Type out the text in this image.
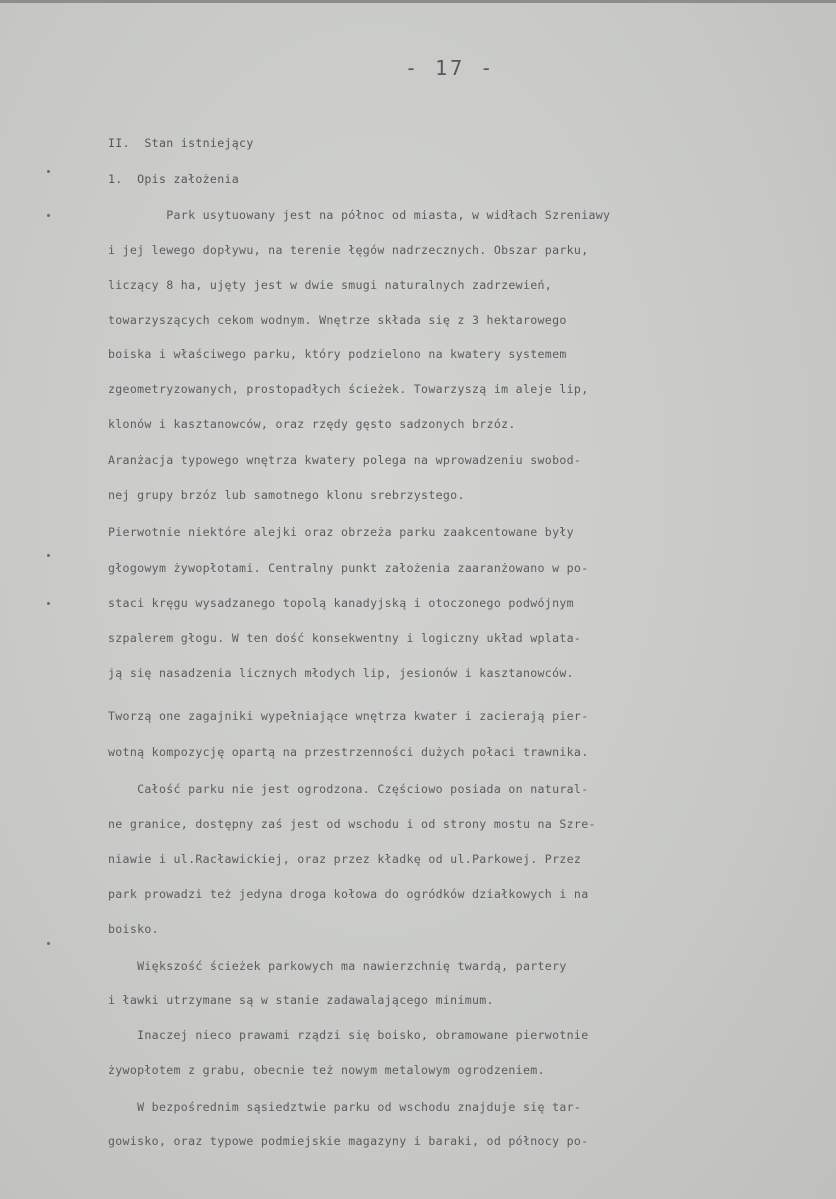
- 17 -
II.  Stan istniejący
1.  Opis założenia
Park usytuowany jest na północ od miasta, w widłach Szreniawy
i jej lewego dopływu, na terenie łęgów nadrzecznych. Obszar parku,
liczący 8 ha, ujęty jest w dwie smugi naturalnych zadrzewień,
towarzyszących cekom wodnym. Wnętrze składa się z 3 hektarowego
boiska i właściwego parku, który podzielono na kwatery systemem
zgeometryzowanych, prostopadłych ścieżek. Towarzyszą im aleje lip,
klonów i kasztanowców, oraz rzędy gęsto sadzonych brzóz.
Aranżacja typowego wnętrza kwatery polega na wprowadzeniu swobod-
nej grupy brzóz lub samotnego klonu srebrzystego.
Pierwotnie niektóre alejki oraz obrzeża parku zaakcentowane były
głogowym żywopłotami. Centralny punkt założenia zaaranżowano w po-
staci kręgu wysadzanego topolą kanadyjską i otoczonego podwójnym
szpalerem głogu. W ten dość konsekwentny i logiczny układ wplata-
ją się nasadzenia licznych młodych lip, jesionów i kasztanowców.
Tworzą one zagajniki wypełniające wnętrza kwater i zacierają pier-
wotną kompozycję opartą na przestrzenności dużych połaci trawnika.
Całość parku nie jest ogrodzona. Częściowo posiada on natural-
ne granice, dostępny zaś jest od wschodu i od strony mostu na Szre-
niawie i ul.Racławickiej, oraz przez kładkę od ul.Parkowej. Przez
park prowadzi też jedyna droga kołowa do ogródków działkowych i na
boisko.
Większość ścieżek parkowych ma nawierzchnię twardą, partery
i ławki utrzymane są w stanie zadawalającego minimum.
Inaczej nieco prawami rządzi się boisko, obramowane pierwotnie
żywopłotem z grabu, obecnie też nowym metalowym ogrodzeniem.
W bezpośrednim sąsiedztwie parku od wschodu znajduje się tar-
gowisko, oraz typowe podmiejskie magazyny i baraki, od północy po-
